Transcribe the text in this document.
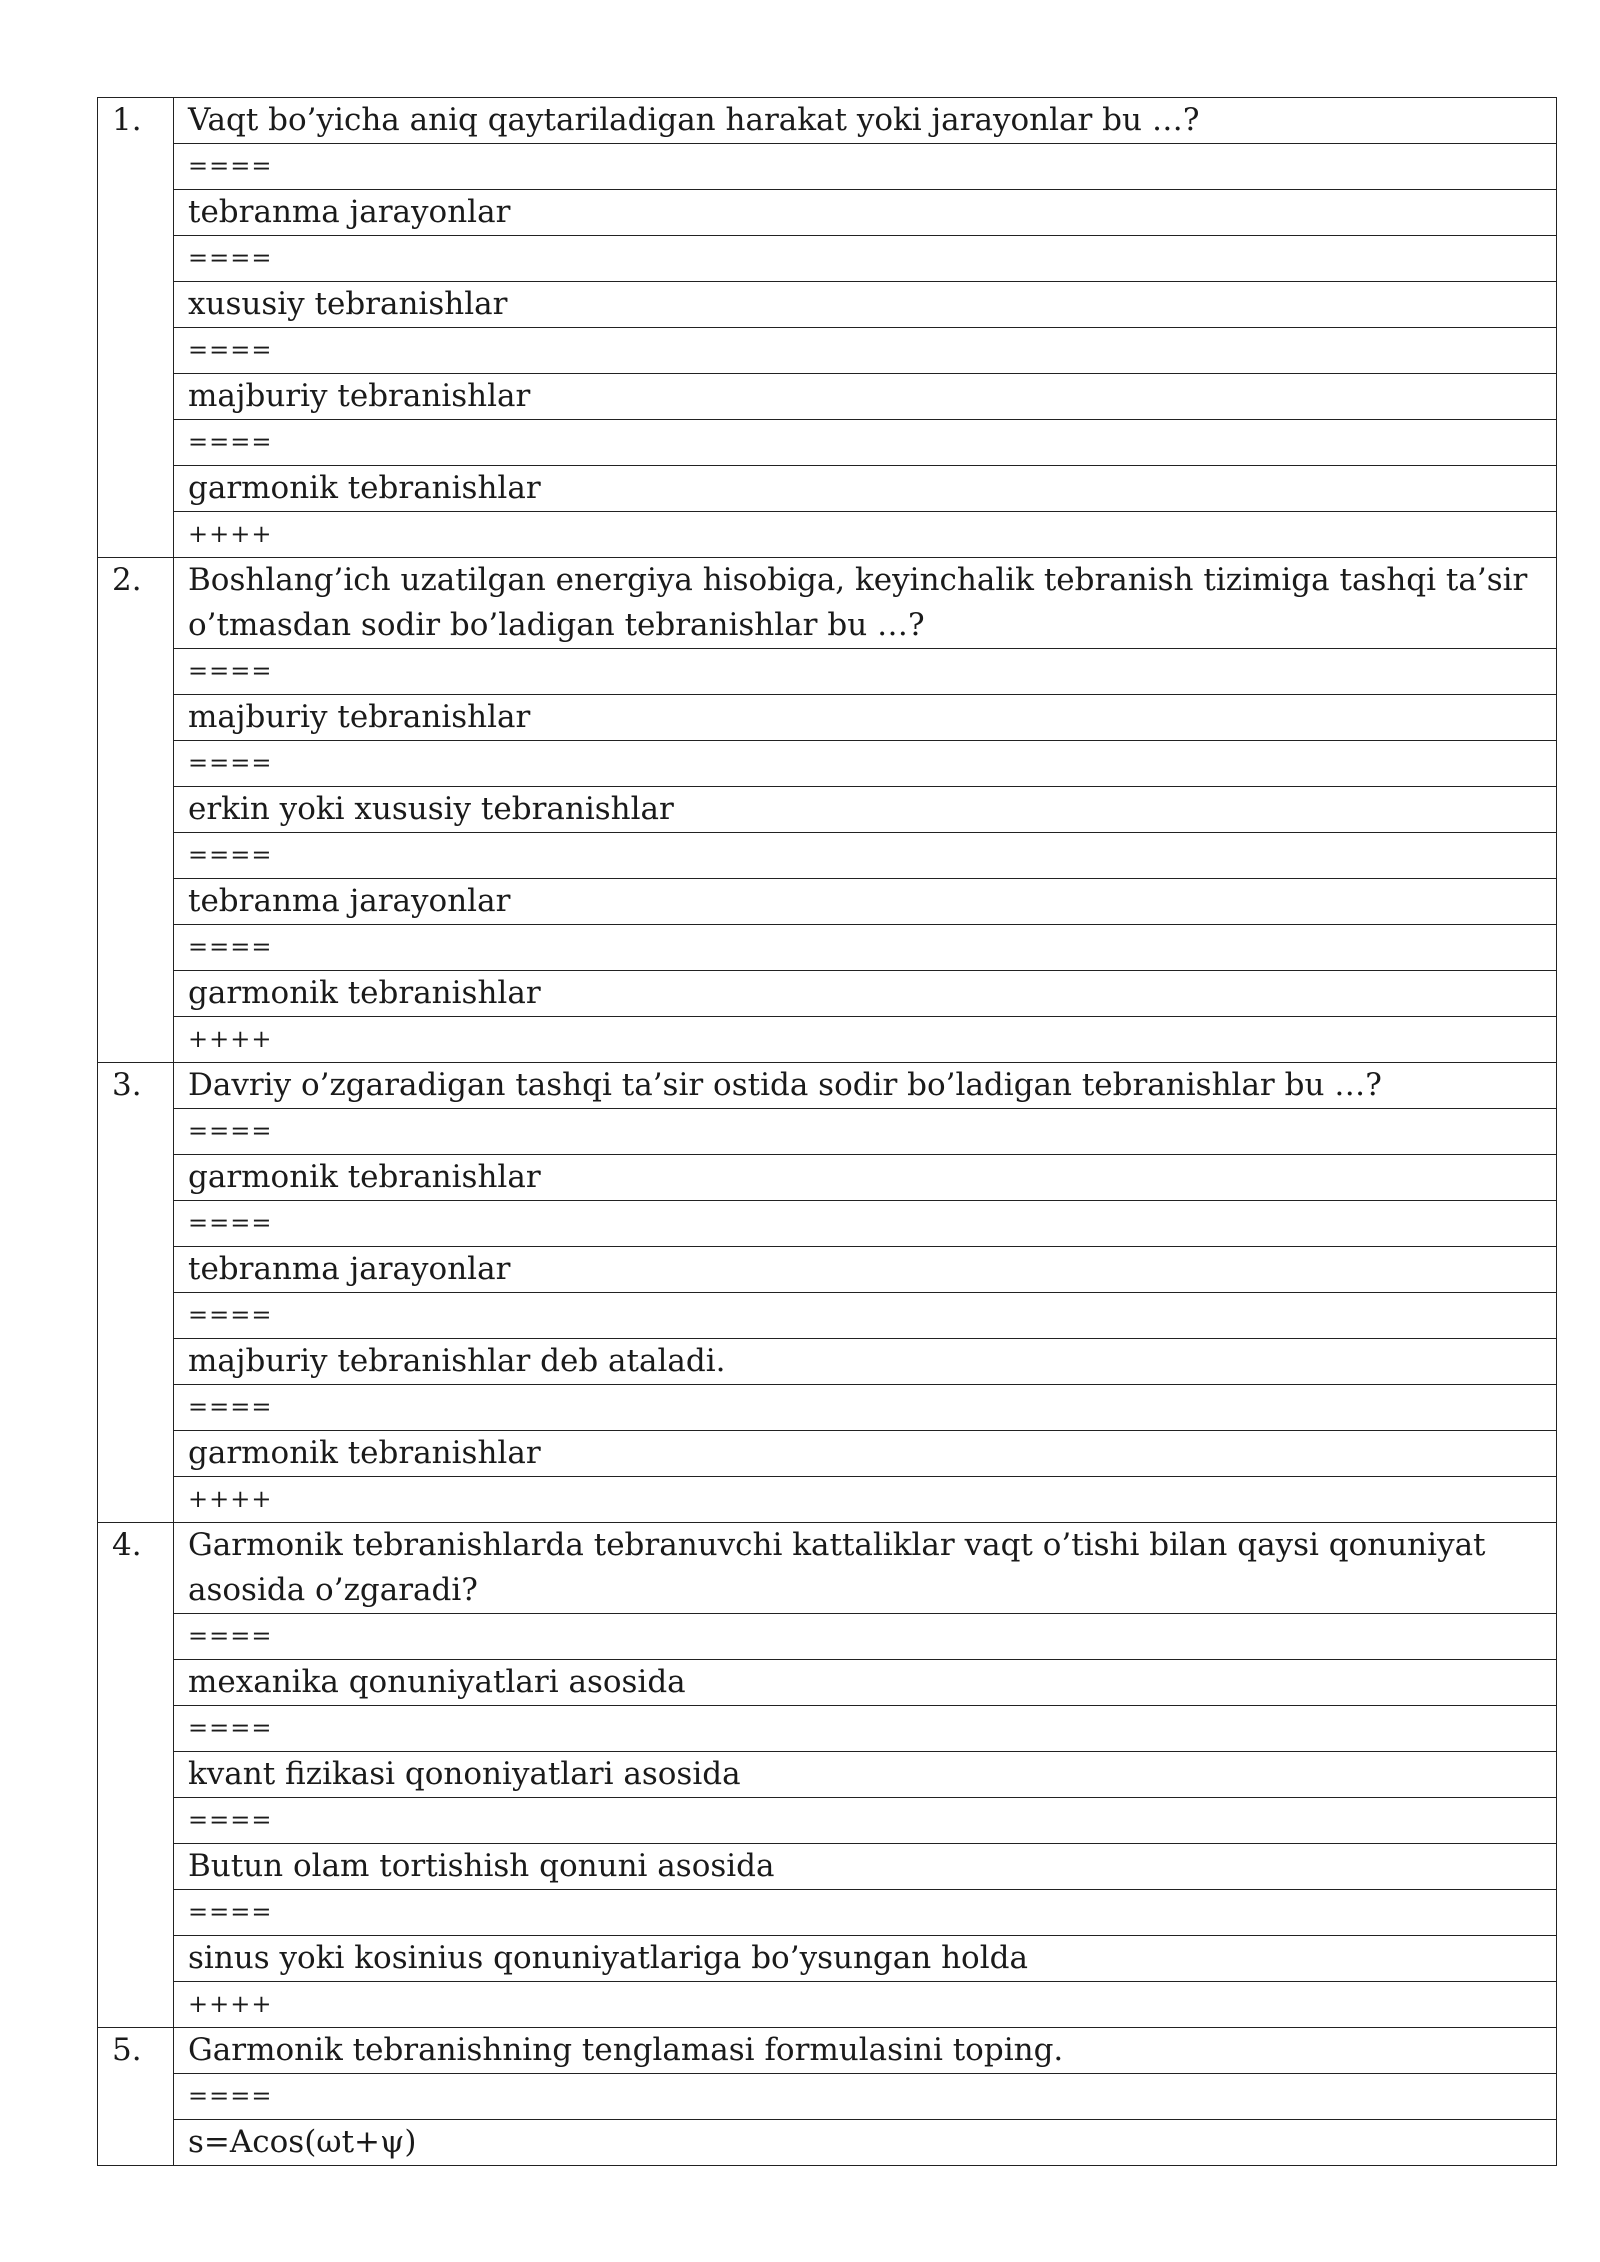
1.	Vaqt bo’yicha aniq qaytariladigan harakat yoki jarayonlar bu …?
	====
	tebranma jarayonlar
	====
	xususiy tebranishlar
	====
	majburiy tebranishlar
	====
	garmonik tebranishlar
	++++
2.	Boshlang’ich uzatilgan energiya hisobiga, keyinchalik tebranish tizimiga tashqi ta’sir o’tmasdan sodir bo’ladigan tebranishlar bu …?
	====
	majburiy tebranishlar
	====
	erkin yoki xususiy tebranishlar
	====
	tebranma jarayonlar
	====
	garmonik tebranishlar
	++++
3.	Davriy o’zgaradigan tashqi ta’sir ostida sodir bo’ladigan tebranishlar bu …?
	====
	garmonik tebranishlar
	====
	tebranma jarayonlar
	====
	majburiy tebranishlar deb ataladi.
	====
	garmonik tebranishlar
	++++
4.	Garmonik tebranishlarda tebranuvchi kattaliklar vaqt o’tishi bilan qaysi qonuniyat asosida o’zgaradi?
	====
	mexanika qonuniyatlari asosida
	====
	kvant fizikasi qononiyatlari asosida
	====
	Butun olam tortishish qonuni asosida
	====
	sinus yoki kosinius qonuniyatlariga bo’ysungan holda
	++++
5.	Garmonik tebranishning tenglamasi formulasini toping.
	====
	s=Acos(ωt+ψ)
